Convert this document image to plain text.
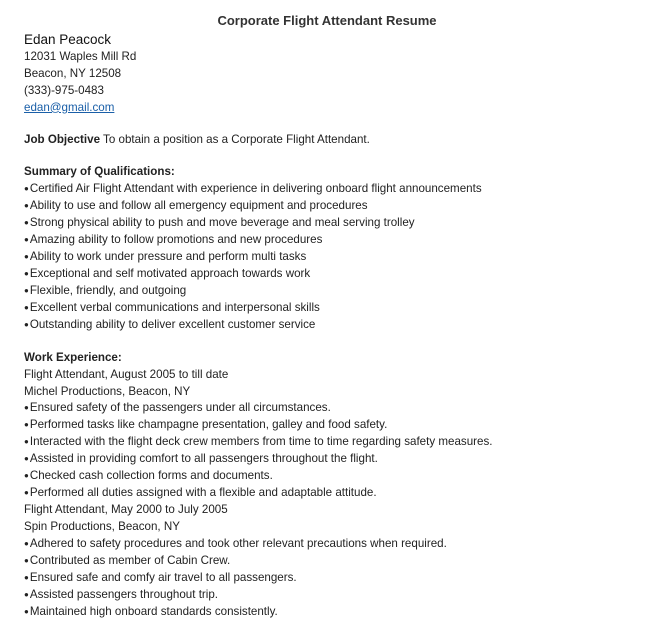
Corporate Flight Attendant Resume
Edan Peacock
12031 Waples Mill Rd
Beacon, NY 12508
(333)-975-0483
edan@gmail.com
Job Objective To obtain a position as a Corporate Flight Attendant.
Summary of Qualifications:
●Certified Air Flight Attendant with experience in delivering onboard flight announcements
●Ability to use and follow all emergency equipment and procedures
●Strong physical ability to push and move beverage and meal serving trolley
●Amazing ability to follow promotions and new procedures
●Ability to work under pressure and perform multi tasks
●Exceptional and self motivated approach towards work
●Flexible, friendly, and outgoing
●Excellent verbal communications and interpersonal skills
●Outstanding ability to deliver excellent customer service
Work Experience:
Flight Attendant, August 2005 to till date
Michel Productions, Beacon, NY
●Ensured safety of the passengers under all circumstances.
●Performed tasks like champagne presentation, galley and food safety.
●Interacted with the flight deck crew members from time to time regarding safety measures.
●Assisted in providing comfort to all passengers throughout the flight.
●Checked cash collection forms and documents.
●Performed all duties assigned with a flexible and adaptable attitude.
Flight Attendant, May 2000 to July 2005
Spin Productions, Beacon, NY
●Adhered to safety procedures and took other relevant precautions when required.
●Contributed as member of Cabin Crew.
●Ensured safe and comfy air travel to all passengers.
●Assisted passengers throughout trip.
●Maintained high onboard standards consistently.
